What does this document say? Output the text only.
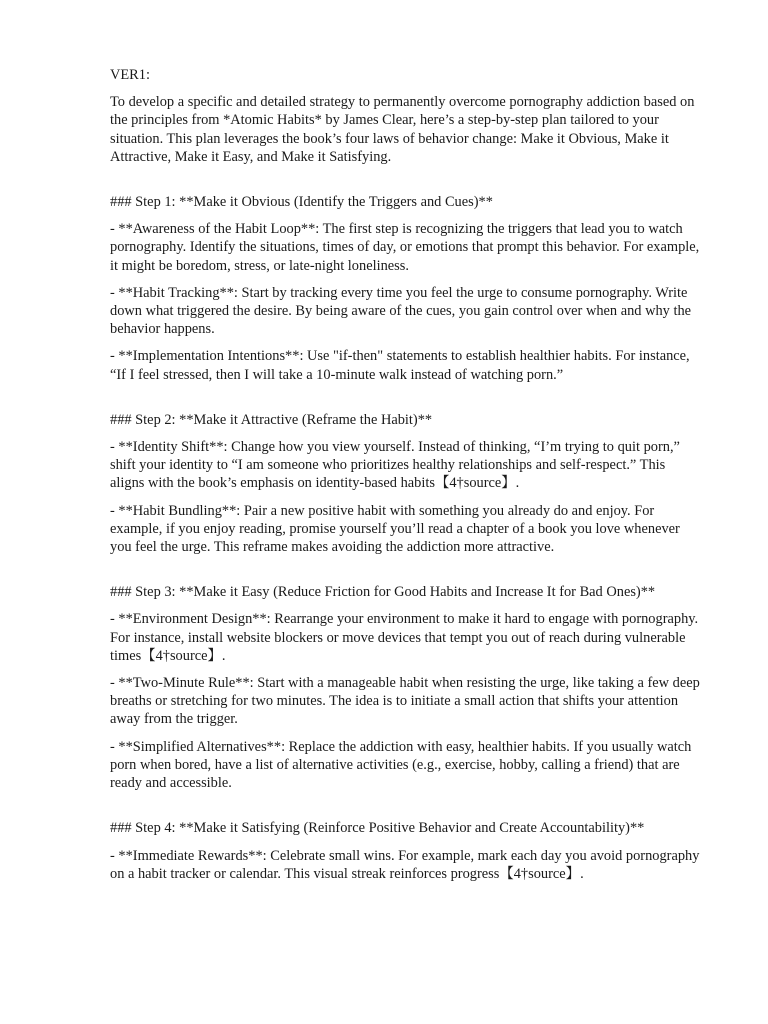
VER1:

To develop a specific and detailed strategy to permanently overcome pornography addiction based on the principles from *Atomic Habits* by James Clear, here’s a step-by-step plan tailored to your situation. This plan leverages the book’s four laws of behavior change: Make it Obvious, Make it Attractive, Make it Easy, and Make it Satisfying.

### Step 1: **Make it Obvious (Identify the Triggers and Cues)**

- **Awareness of the Habit Loop**: The first step is recognizing the triggers that lead you to watch pornography. Identify the situations, times of day, or emotions that prompt this behavior. For example, it might be boredom, stress, or late-night loneliness.

- **Habit Tracking**: Start by tracking every time you feel the urge to consume pornography. Write down what triggered the desire. By being aware of the cues, you gain control over when and why the behavior happens.

- **Implementation Intentions**: Use "if-then" statements to establish healthier habits. For instance, “If I feel stressed, then I will take a 10-minute walk instead of watching porn.”

### Step 2: **Make it Attractive (Reframe the Habit)**

- **Identity Shift**: Change how you view yourself. Instead of thinking, “I’m trying to quit porn,” shift your identity to “I am someone who prioritizes healthy relationships and self-respect.” This aligns with the book’s emphasis on identity-based habits【4†source】.

- **Habit Bundling**: Pair a new positive habit with something you already do and enjoy. For example, if you enjoy reading, promise yourself you’ll read a chapter of a book you love whenever you feel the urge. This reframe makes avoiding the addiction more attractive.

### Step 3: **Make it Easy (Reduce Friction for Good Habits and Increase It for Bad Ones)**

- **Environment Design**: Rearrange your environment to make it hard to engage with pornography. For instance, install website blockers or move devices that tempt you out of reach during vulnerable times【4†source】.

- **Two-Minute Rule**: Start with a manageable habit when resisting the urge, like taking a few deep breaths or stretching for two minutes. The idea is to initiate a small action that shifts your attention away from the trigger.

- **Simplified Alternatives**: Replace the addiction with easy, healthier habits. If you usually watch porn when bored, have a list of alternative activities (e.g., exercise, hobby, calling a friend) that are ready and accessible.

### Step 4: **Make it Satisfying (Reinforce Positive Behavior and Create Accountability)**

- **Immediate Rewards**: Celebrate small wins. For example, mark each day you avoid pornography on a habit tracker or calendar. This visual streak reinforces progress【4†source】.
